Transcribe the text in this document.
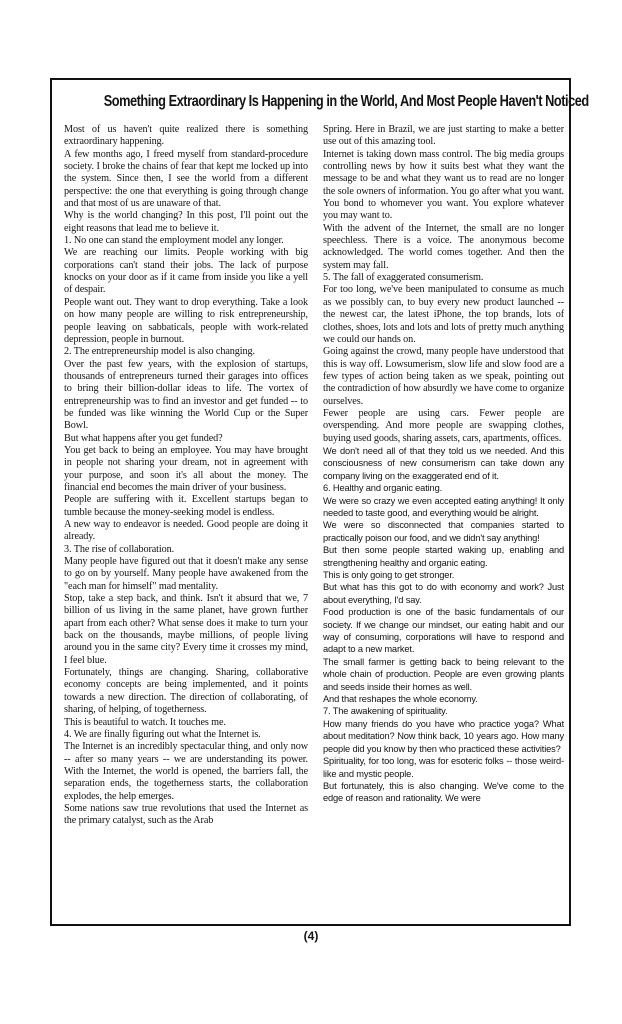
Something Extraordinary Is Happening in the World, And Most People Haven't Noticed

Most of us haven't quite realized there is something extraordinary happening.

A few months ago, I freed myself from standard-procedure society. I broke the chains of fear that kept me locked up into the system. Since then, I see the world from a different perspective: the one that everything is going through change and that most of us are unaware of that.

Why is the world changing? In this post, I'll point out the eight reasons that lead me to believe it.

1. No one can stand the employment model any longer.

We are reaching our limits. People working with big corporations can't stand their jobs. The lack of purpose knocks on your door as if it came from inside you like a yell of despair.

People want out. They want to drop everything. Take a look on how many people are willing to risk entrepreneurship, people leaving on sabbaticals, people with work-related depression, people in burnout.

2. The entrepreneurship model is also changing.

Over the past few years, with the explosion of startups, thousands of entrepreneurs turned their garages into offices to bring their billion-dollar ideas to life. The vortex of entrepreneurship was to find an investor and get funded -- to be funded was like winning the World Cup or the Super Bowl.

But what happens after you get funded?

You get back to being an employee. You may have brought in people not sharing your dream, not in agreement with your purpose, and soon it's all about the money. The financial end becomes the main driver of your business.

People are suffering with it. Excellent startups began to tumble because the money-seeking model is endless.

A new way to endeavor is needed. Good people are doing it already.

3. The rise of collaboration.

Many people have figured out that it doesn't make any sense to go on by yourself. Many people have awakened from the "each man for himself" mad mentality.

Stop, take a step back, and think. Isn't it absurd that we, 7 billion of us living in the same planet, have grown further apart from each other? What sense does it make to turn your back on the thousands, maybe millions, of people living around you in the same city? Every time it crosses my mind, I feel blue.

Fortunately, things are changing. Sharing, collaborative economy concepts are being implemented, and it points towards a new direction. The direction of collaborating, of sharing, of helping, of togetherness.

This is beautiful to watch. It touches me.

4. We are finally figuring out what the Internet is.

The Internet is an incredibly spectacular thing, and only now -- after so many years -- we are understanding its power. With the Internet, the world is opened, the barriers fall, the separation ends, the togetherness starts, the collaboration explodes, the help emerges.

Some nations saw true revolutions that used the Internet as the primary catalyst, such as the Arab

Spring. Here in Brazil, we are just starting to make a better use out of this amazing tool.

Internet is taking down mass control. The big media groups controlling news by how it suits best what they want the message to be and what they want us to read are no longer the sole owners of information. You go after what you want. You bond to whomever you want. You explore whatever you may want to.

With the advent of the Internet, the small are no longer speechless. There is a voice. The anonymous become acknowledged. The world comes together. And then the system may fall.

5. The fall of exaggerated consumerism.

For too long, we've been manipulated to consume as much as we possibly can, to buy every new product launched -- the newest car, the latest iPhone, the top brands, lots of clothes, shoes, lots and lots and lots of pretty much anything we could our hands on.

Going against the crowd, many people have understood that this is way off. Lowsumerism, slow life and slow food are a few types of action being taken as we speak, pointing out the contradiction of how absurdly we have come to organize ourselves.

Fewer people are using cars. Fewer people are overspending. And more people are swapping clothes, buying used goods, sharing assets, cars, apartments, offices.

We don't need all of that they told us we needed. And this consciousness of new consumerism can take down any company living on the exaggerated end of it.

6. Healthy and organic eating.

We were so crazy we even accepted eating anything! It only needed to taste good, and everything would be alright.

We were so disconnected that companies started to practically poison our food, and we didn't say anything!

But then some people started waking up, enabling and strengthening healthy and organic eating.

This is only going to get stronger.

But what has this got to do with economy and work? Just about everything, I'd say.

Food production is one of the basic fundamentals of our society. If we change our mindset, our eating habit and our way of consuming, corporations will have to respond and adapt to a new market.

The small farmer is getting back to being relevant to the whole chain of production. People are even growing plants and seeds inside their homes as well.

And that reshapes the whole economy.

7. The awakening of spirituality.

How many friends do you have who practice yoga? What about meditation? Now think back, 10 years ago. How many people did you know by then who practiced these activities?

Spirituality, for too long, was for esoteric folks -- those weird-like and mystic people.

But fortunately, this is also changing. We've come to the edge of reason and rationality. We were

(4)
